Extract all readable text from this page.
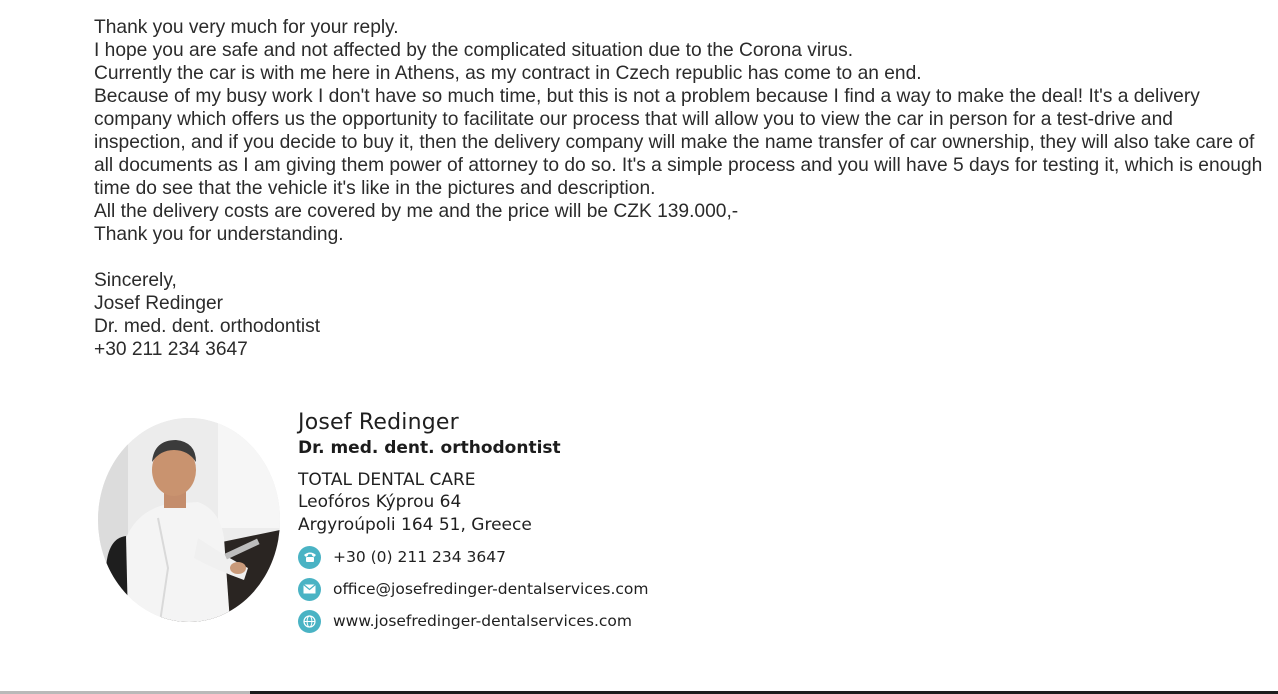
Thank you very much for your reply.

I hope you are safe and not affected by the complicated situation due to the Corona virus.

Currently the car is with me here in Athens, as my contract in Czech republic has come to an end.

Because of my busy work I don't have so much time, but this is not a problem because I find a way to make the deal! It's a delivery company which offers us the opportunity to facilitate our process that will allow you to view the car in person for a test-drive and inspection, and if you decide to buy it, then the delivery company will make the name transfer of car ownership, they will also take care of all documents as I am giving them power of attorney to do so. It's a simple process and you will have 5 days for testing it, which is enough time do see that the vehicle it's like in the pictures and description.

All the delivery costs are covered by me and the price will be CZK 139.000,-

Thank you for understanding.

Sincerely,

Josef Redinger

Dr. med. dent. orthodontist

+30 211 234 3647

Josef Redinger
Dr. med. dent. orthodontist
TOTAL DENTAL CARE
Leofóros Kýprou 64
Argyroúpoli 164 51, Greece
+30 (0) 211 234 3647
office@josefredinger-dentalservices.com
www.josefredinger-dentalservices.com
